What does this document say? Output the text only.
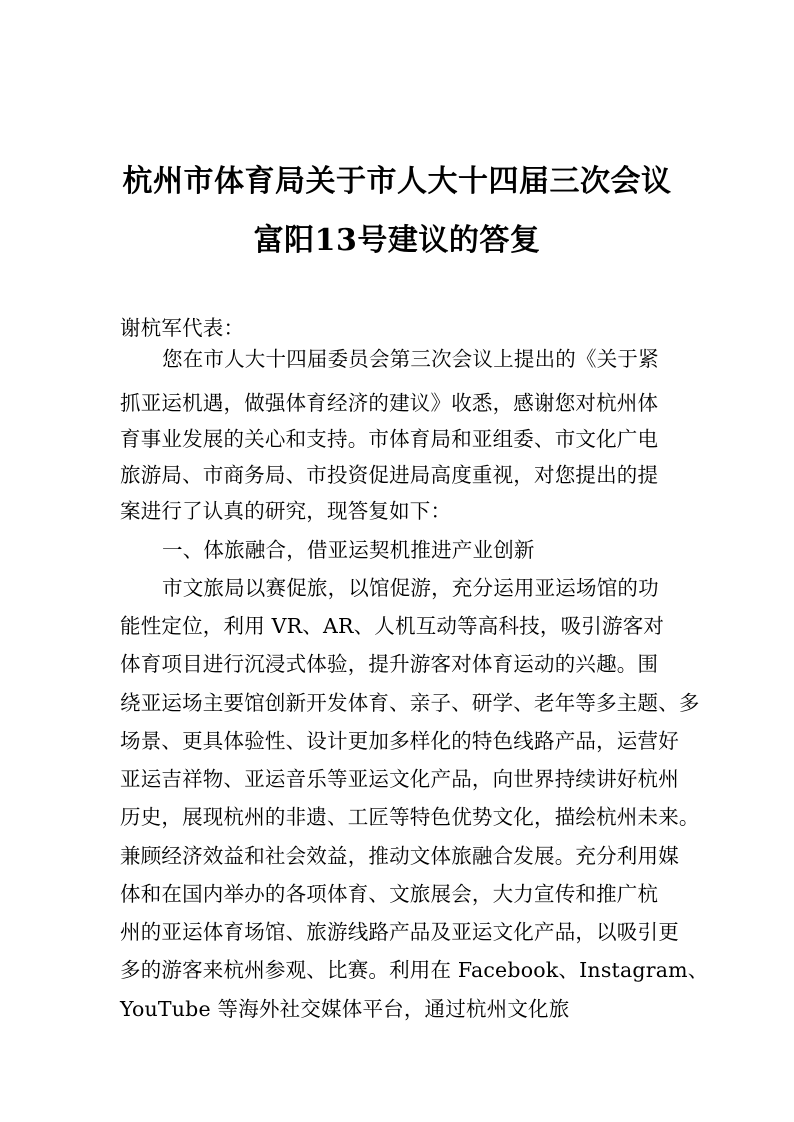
杭州市体育局关于市人大十四届三次会议
富阳13号建议的答复

谢杭军代表：

您在市人大十四届委员会第三次会议上提出的《关于紧

抓亚运机遇，做强体育经济的建议》收悉，感谢您对杭州体

育事业发展的关心和支持。市体育局和亚组委、市文化广电

旅游局、市商务局、市投资促进局高度重视，对您提出的提

案进行了认真的研究，现答复如下：

一、体旅融合，借亚运契机推进产业创新

市文旅局以赛促旅，以馆促游，充分运用亚运场馆的功

能性定位，利用 VR、AR、人机互动等高科技，吸引游客对

体育项目进行沉浸式体验，提升游客对体育运动的兴趣。围

绕亚运场主要馆创新开发体育、亲子、研学、老年等多主题、多

场景、更具体验性、设计更加多样化的特色线路产品，运营好

亚运吉祥物、亚运音乐等亚运文化产品，向世界持续讲好杭州

历史，展现杭州的非遗、工匠等特色优势文化，描绘杭州未来。

兼顾经济效益和社会效益，推动文体旅融合发展。充分利用媒

体和在国内举办的各项体育、文旅展会，大力宣传和推广杭

州的亚运体育场馆、旅游线路产品及亚运文化产品，以吸引更

多的游客来杭州参观、比赛。利用在 Facebook、Instagram、

YouTube 等海外社交媒体平台，通过杭州文化旅
